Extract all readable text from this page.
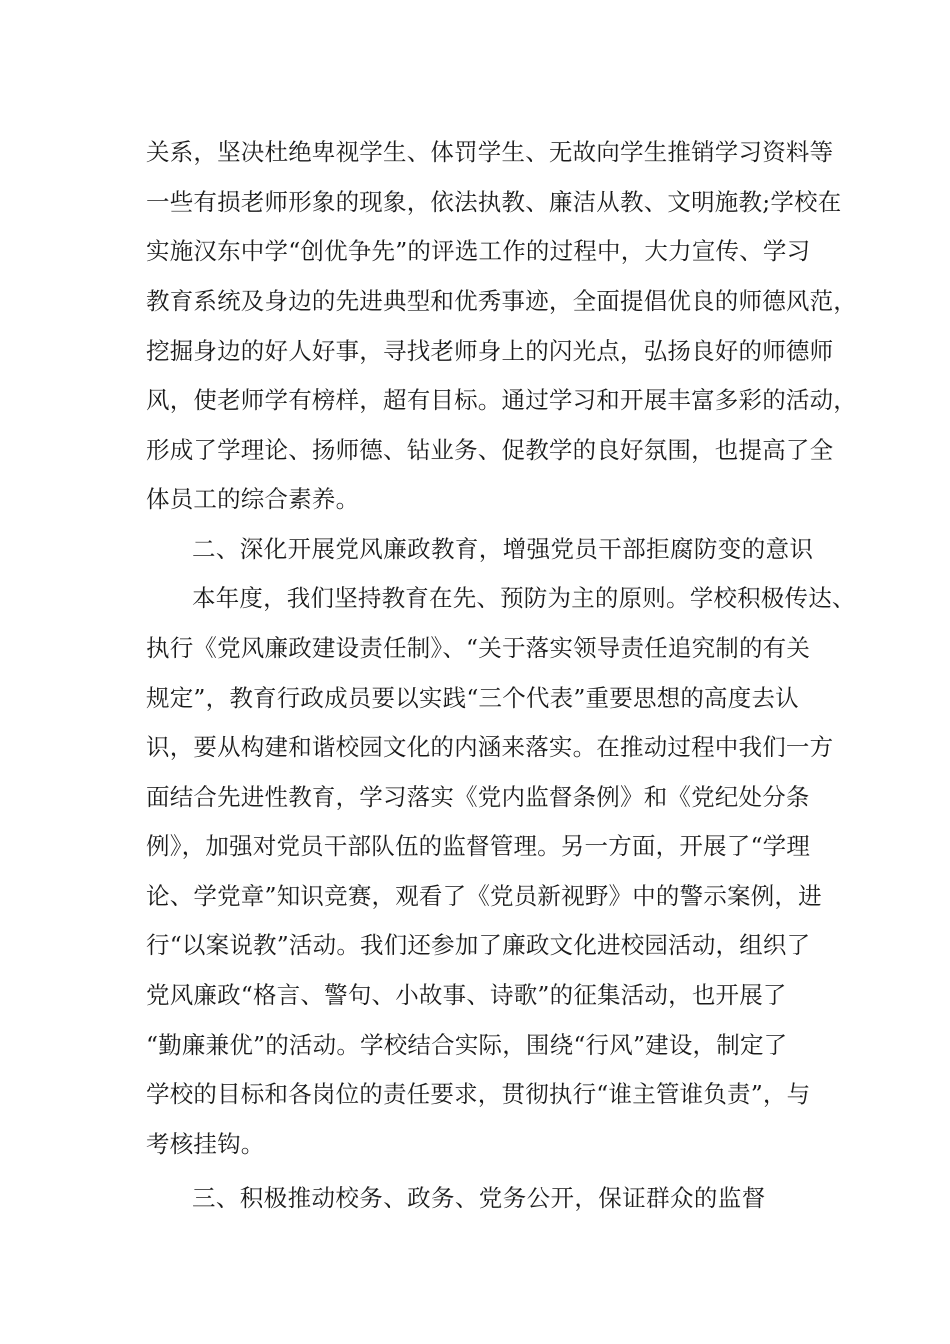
关系，坚决杜绝卑视学生、体罚学生、无故向学生推销学习资料等
一些有损老师形象的现象，依法执教、廉洁从教、文明施教;学校在
实施汉东中学“创优争先”的评选工作的过程中，大力宣传、学习
教育系统及身边的先进典型和优秀事迹，全面提倡优良的师德风范，
挖掘身边的好人好事，寻找老师身上的闪光点，弘扬良好的师德师
风，使老师学有榜样，超有目标。通过学习和开展丰富多彩的活动，
形成了学理论、扬师德、钻业务、促教学的良好氛围，也提高了全
体员工的综合素养。
二、深化开展党风廉政教育，增强党员干部拒腐防变的意识
本年度，我们坚持教育在先、预防为主的原则。学校积极传达、
执行《党风廉政建设责任制》、“关于落实领导责任追究制的有关
规定”，教育行政成员要以实践“三个代表”重要思想的高度去认
识，要从构建和谐校园文化的内涵来落实。在推动过程中我们一方
面结合先进性教育，学习落实《党内监督条例》和《党纪处分条
例》，加强对党员干部队伍的监督管理。另一方面，开展了“学理
论、学党章”知识竞赛，观看了《党员新视野》中的警示案例，进
行“以案说教”活动。我们还参加了廉政文化进校园活动，组织了
党风廉政“格言、警句、小故事、诗歌”的征集活动，也开展了
“勤廉兼优”的活动。学校结合实际，围绕“行风”建设，制定了
学校的目标和各岗位的责任要求，贯彻执行“谁主管谁负责”，与
考核挂钩。
三、积极推动校务、政务、党务公开，保证群众的监督
